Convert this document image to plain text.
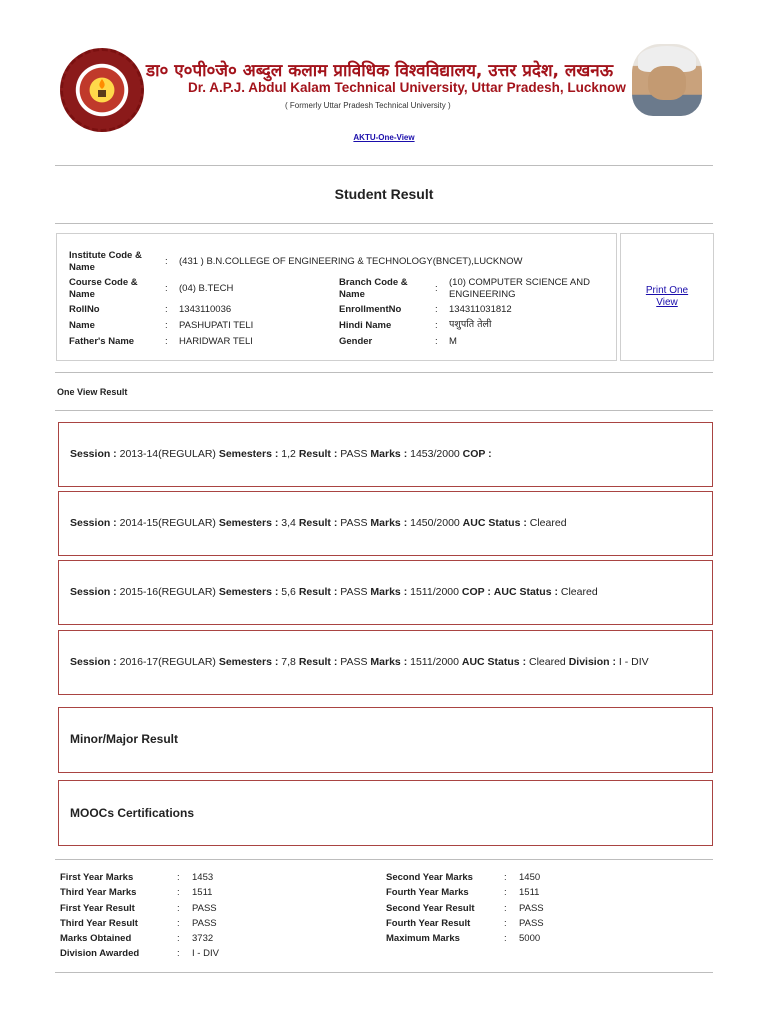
डा० ए०पी०जे० अब्दुल कलाम प्राविधिक विश्वविद्यालय, उत्तर प्रदेश, लखनऊ
Dr. A.P.J. Abdul Kalam Technical University, Uttar Pradesh, Lucknow
( Formerly Uttar Pradesh Technical University )
AKTU-One-View
Student Result
Institute Code & Name
: (431 ) B.N.COLLEGE OF ENGINEERING & TECHNOLOGY(BNCET),LUCKNOW
Course Code & Name
: (04) B.TECH
Branch Code & Name
:
(10) COMPUTER SCIENCE AND ENGINEERING
RollNo	: 1343110036	EnrollmentNo	: 134311031812
Name	: PASHUPATI TELI	Hindi Name	: पशुपति तेली
Father's Name	: HARIDWAR TELI	Gender	: M
Print One View
One View Result
Session : 2013-14(REGULAR) Semesters : 1,2 Result : PASS Marks : 1453/2000 COP :
Session : 2014-15(REGULAR) Semesters : 3,4 Result : PASS Marks : 1450/2000 AUC Status : Cleared
Session : 2015-16(REGULAR) Semesters : 5,6 Result : PASS Marks : 1511/2000 COP : AUC Status : Cleared
Session : 2016-17(REGULAR) Semesters : 7,8 Result : PASS Marks : 1511/2000 AUC Status : Cleared Division : I - DIV
Minor/Major Result
MOOCs Certifications
First Year Marks	: 1453	Second Year Marks	: 1450
Third Year Marks	: 1511	Fourth Year Marks	: 1511
First Year Result	: PASS	Second Year Result	: PASS
Third Year Result	: PASS	Fourth Year Result	: PASS
Marks Obtained	: 3732	Maximum Marks	: 5000
Division Awarded	: I - DIV
